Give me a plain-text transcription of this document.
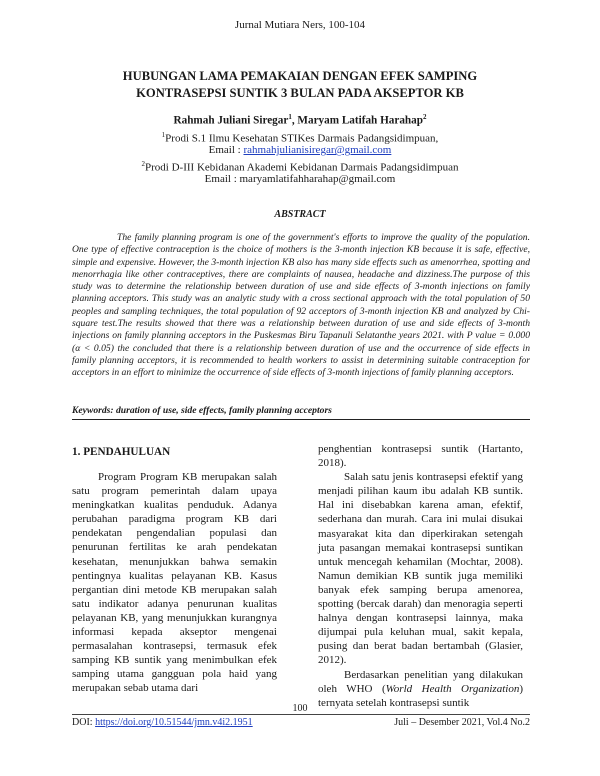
Jurnal Mutiara Ners, 100-104
HUBUNGAN LAMA PEMAKAIAN DENGAN EFEK SAMPING
KONTRASEPSI SUNTIK 3 BULAN PADA AKSEPTOR KB
Rahmah Juliani Siregar$^1$, Maryam Latifah Harahap$^2$
$^1$Prodi S.1 Ilmu Kesehatan STIKes Darmais Padangsidimpuan,
Email : rahmahjulianisiregar@gmail.com
$^2$Prodi D-III Kebidanan Akademi Kebidanan Darmais Padangsidimpuan
Email : maryamlatifahharahap@gmail.com
ABSTRACT
The family planning program is one of the government's efforts to improve the quality of the population. One type of effective contraception is the choice of mothers is the 3-month injection KB because it is safe, effective, simple and expensive. However, the 3-month injection KB also has many side effects such as amenorrhea, spotting and menorrhagia like other contraceptives, there are complaints of nausea, headache and dizziness.The purpose of this study was to determine the relationship between duration of use and side effects of 3-month injections on family planning acceptors. This study was an analytic study with a cross sectional approach with the total population of 50 peoples and sampling techniques, the total population of 92 acceptors of 3-month injection KB and analyzed by Chi-square test.The results showed that there was a relationship between duration of use and side effects of 3-month injections on family planning acceptors in the Puskesmas Biru Tapanuli Selatanthe years 2021. with P value = 0.000 (α < 0.05) the concluded that there is a relationship between duration of use and the occurrence of side effects in family planning acceptors, it is recommended to health workers to assist in determining suitable contraception for acceptors in an effort to minimize the occurrence of side effects of 3-month injections of family planning acceptors.
Keywords: duration of use, side effects, family planning acceptors
1. PENDAHULUAN

Program Program KB merupakan salah satu program pemerintah dalam upaya meningkatkan kualitas penduduk. Adanya perubahan paradigma program KB dari pendekatan pengendalian populasi dan penurunan fertilitas ke arah pendekatan kesehatan, menunjukkan bahwa semakin pentingnya kualitas pelayanan KB. Kasus pergantian dini metode KB merupakan salah satu indikator adanya penurunan kualitas pelayanan KB, yang menunjukkan kurangnya informasi kepada akseptor mengenai permasalahan kontrasepsi, termasuk efek samping KB suntik yang menimbulkan efek samping utama gangguan pola haid yang merupakan sebab utama dari

penghentian kontrasepsi suntik (Hartanto, 2018).

Salah satu jenis kontrasepsi efektif yang menjadi pilihan kaum ibu adalah KB suntik. Hal ini disebabkan karena aman, efektif, sederhana dan murah. Cara ini mulai disukai masyarakat kita dan diperkirakan setengah juta pasangan memakai kontrasepsi suntikan untuk mencegah kehamilan (Mochtar, 2008). Namun demikian KB suntik juga memiliki banyak efek samping berupa amenorea, spotting (bercak darah) dan menoragia seperti halnya dengan kontrasepsi lainnya, maka dijumpai pula keluhan mual, sakit kepala, pusing dan berat badan bertambah (Glasier, 2012).

Berdasarkan penelitian yang dilakukan oleh WHO (World Health Organization) ternyata setelah kontrasepsi suntik

100
DOI: https://doi.org/10.51544/jmn.v4i2.1951	Juli – Desember 2021, Vol.4 No.2
